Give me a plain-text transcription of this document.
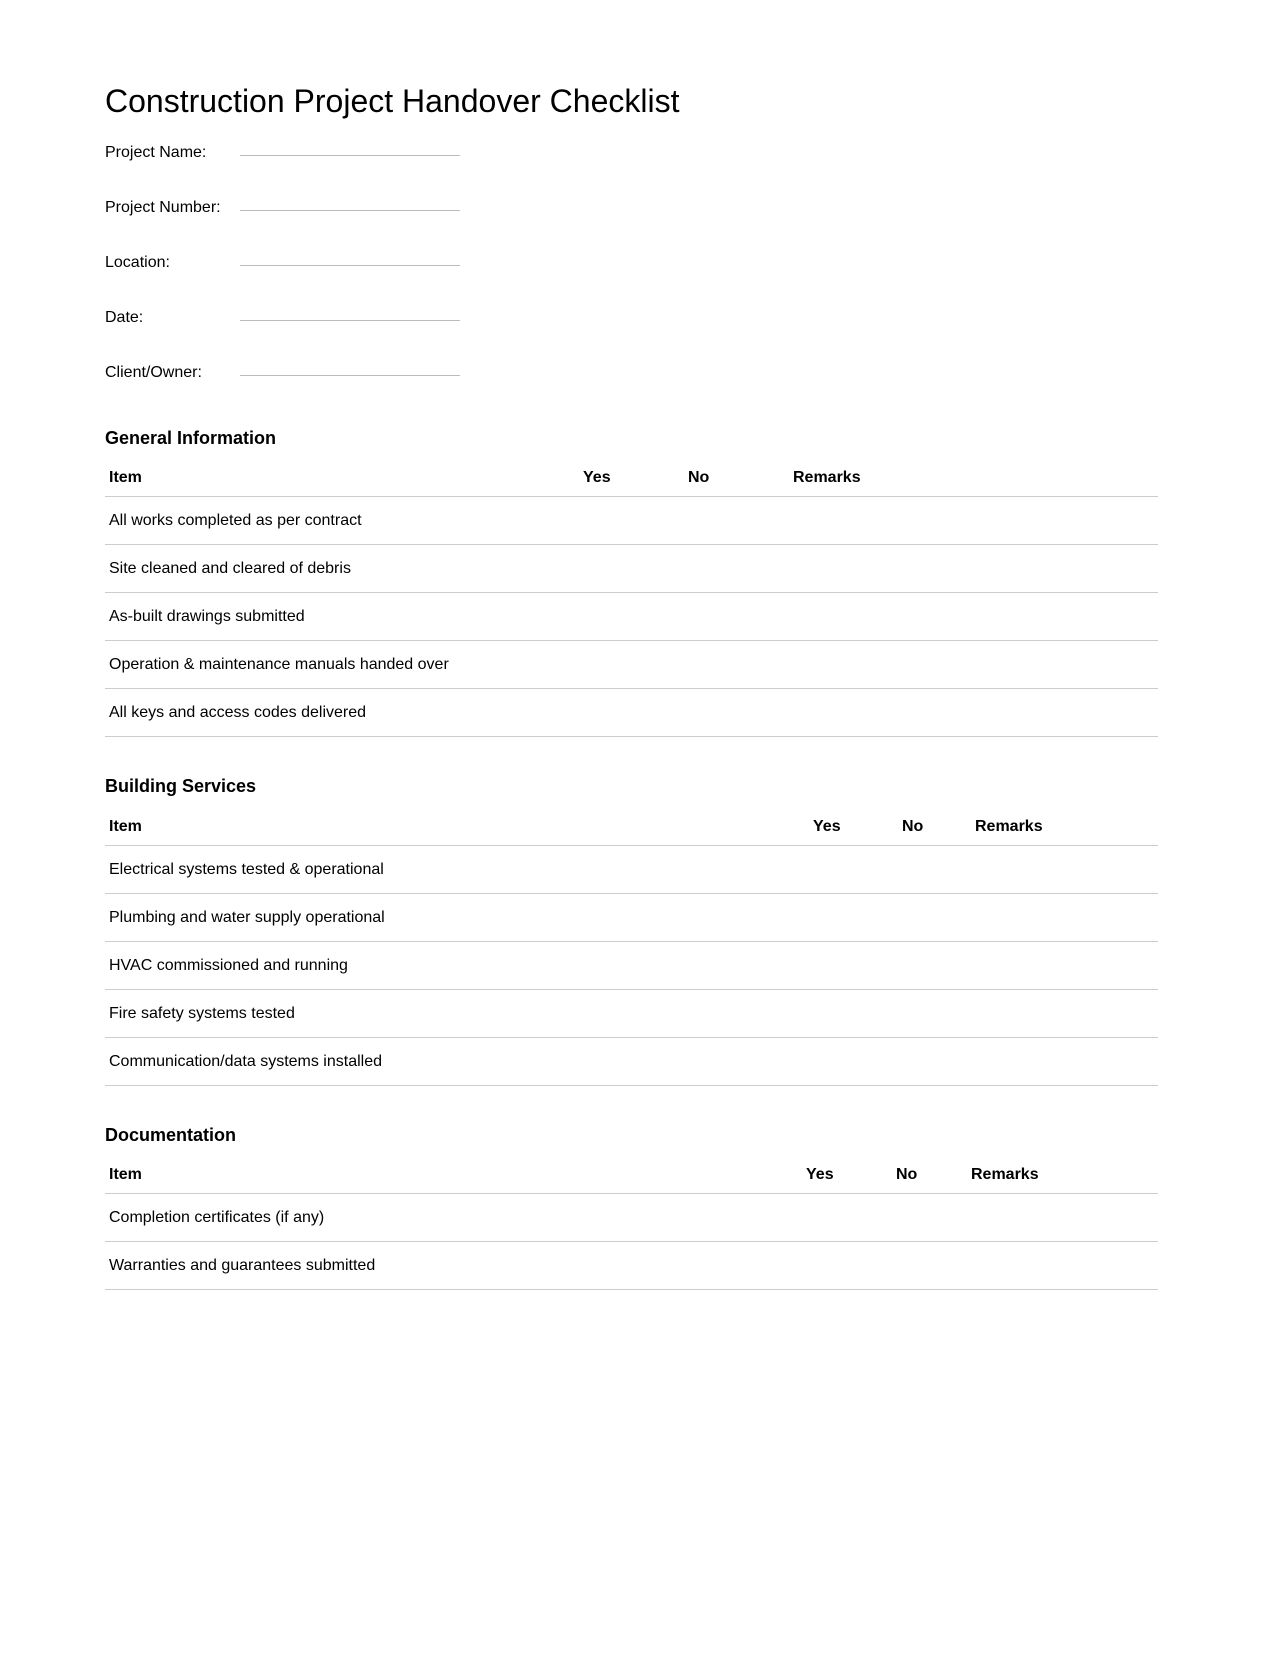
Construction Project Handover Checklist
Project Name:
Project Number:
Location:
Date:
Client/Owner:
General Information
Item	Yes	No	Remarks
All works completed as per contract			
Site cleaned and cleared of debris			
As-built drawings submitted			
Operation & maintenance manuals handed over			
All keys and access codes delivered			
Building Services
Item	Yes	No	Remarks
Electrical systems tested & operational			
Plumbing and water supply operational			
HVAC commissioned and running			
Fire safety systems tested			
Communication/data systems installed			
Documentation
Item	Yes	No	Remarks
Completion certificates (if any)			
Warranties and guarantees submitted			
